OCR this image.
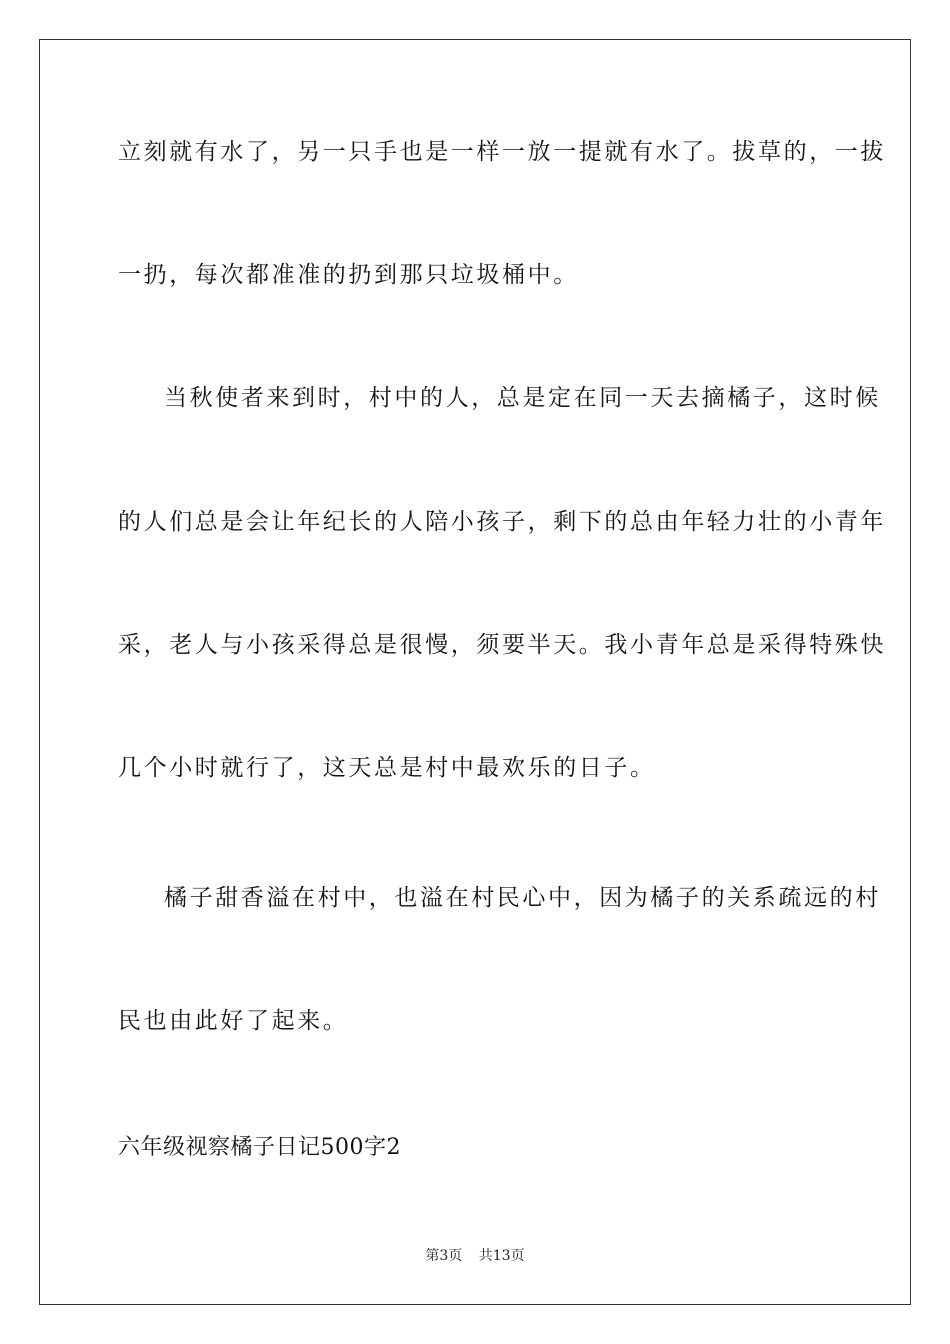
立刻就有水了，另一只手也是一样一放一提就有水了。拔草的，一拔
一扔，每次都准准的扔到那只垃圾桶中。
当秋使者来到时，村中的人，总是定在同一天去摘橘子，这时候
的人们总是会让年纪长的人陪小孩子，剩下的总由年轻力壮的小青年
采，老人与小孩采得总是很慢，须要半天。我小青年总是采得特殊快
几个小时就行了，这天总是村中最欢乐的日子。
橘子甜香溢在村中，也溢在村民心中，因为橘子的关系疏远的村
民也由此好了起来。
六年级视察橘子日记500字2
第3页 共13页
